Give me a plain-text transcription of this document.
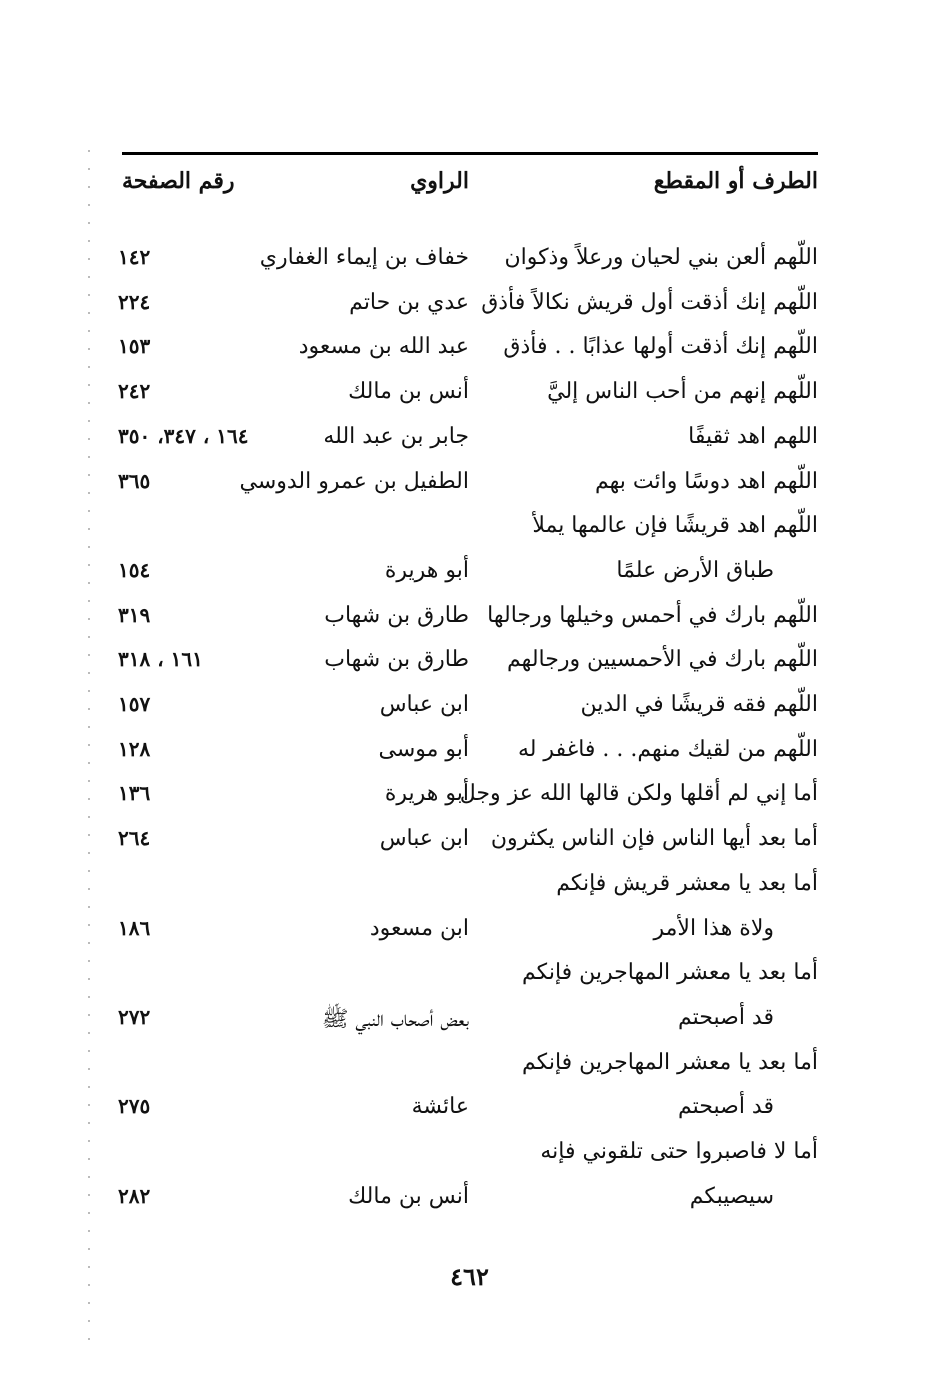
الطرف أو المقطع
الراوي
رقم الصفحة
اللّهم ألعن بني لحيان ورعلاً وذكوان
خفاف بن إيماء الغفاري
١٤٢
اللّهم إنك أذقت أول قريش نكالاً فأذق
عدي بن حاتم
٢٢٤
اللّهم إنك أذقت أولها عذابًا . . فأذق
عبد الله بن مسعود
١٥٣
اللّهم إنهم من أحب الناس إليَّ
أنس بن مالك
٢٤٢
اللهم اهد ثقيفًا
جابر بن عبد الله
١٦٤ ، ٣٤٧، ٣٥٠
اللّهم اهد دوسًا وائت بهم
الطفيل بن عمرو الدوسي
٣٦٥
اللّهم اهد قريشًا فإن عالمها يملأ
طباق الأرض علمًا
أبو هريرة
١٥٤
اللّهم بارك في أحمس وخيلها ورجالها
طارق بن شهاب
٣١٩
اللّهم بارك في الأحمسيين ورجالهم
طارق بن شهاب
١٦١ ، ٣١٨
اللّهم فقه قريشًا في الدين
ابن عباس
١٥٧
اللّهم من لقيك منهم. . . فاغفر له
أبو موسى
١٢٨
أما إني لم أقلها ولكن قالها الله عز وجل
أبو هريرة
١٣٦
أما بعد أيها الناس فإن الناس يكثرون
ابن عباس
٢٦٤
أما بعد يا معشر قريش فإنكم
ولاة هذا الأمر
ابن مسعود
١٨٦
أما بعد يا معشر المهاجرين فإنكم
قد أصبحتم
بعض أصحاب النبي ﷺ
٢٧٢
أما بعد يا معشر المهاجرين فإنكم
قد أصبحتم
عائشة
٢٧٥
أما لا فاصبروا حتى تلقوني فإنه
سيصيبكم
أنس بن مالك
٢٨٢
٤٦٢
